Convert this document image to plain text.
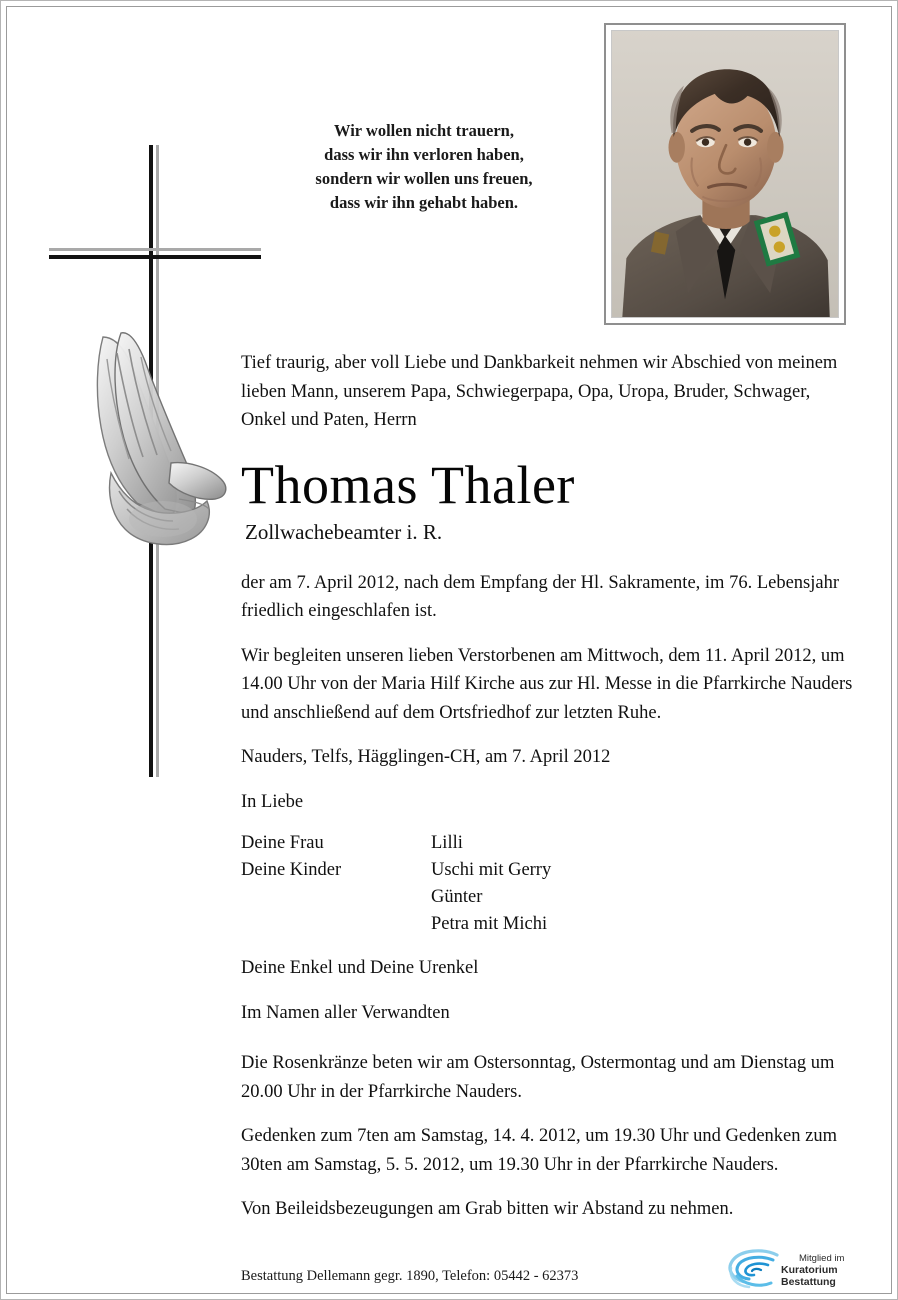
Wir wollen nicht trauern,
dass wir ihn verloren haben,
sondern wir wollen uns freuen,
dass wir ihn gehabt haben.

Tief traurig, aber voll Liebe und Dankbarkeit nehmen wir Abschied von meinem lieben Mann, unserem Papa, Schwiegerpapa, Opa, Uropa, Bruder, Schwager, Onkel und Paten, Herrn

Thomas Thaler
Zollwachebeamter i. R.

der am 7. April 2012, nach dem Empfang der Hl. Sakramente, im 76. Lebensjahr friedlich eingeschlafen ist.

Wir begleiten unseren lieben Verstorbenen am Mittwoch, dem 11. April 2012, um 14.00 Uhr von der Maria Hilf Kirche aus zur Hl. Messe in die Pfarrkirche Nauders und anschließend auf dem Ortsfriedhof zur letzten Ruhe.

Nauders, Telfs, Hägglingen-CH, am 7. April 2012

In Liebe

Deine Frau	Lilli
Deine Kinder	Uschi mit Gerry
	Günter
	Petra mit Michi

Deine Enkel und Deine Urenkel

Im Namen aller Verwandten

Die Rosenkränze beten wir am Ostersonntag, Ostermontag und am Dienstag um 20.00 Uhr in der Pfarrkirche Nauders.

Gedenken zum 7ten am Samstag, 14. 4. 2012, um 19.30 Uhr und Gedenken zum 30ten am Samstag, 5. 5. 2012, um 19.30 Uhr in der Pfarrkirche Nauders.

Von Beileidsbezeugungen am Grab bitten wir Abstand zu nehmen.

Bestattung Dellemann gegr. 1890, Telefon: 05442 - 62373
Mitglied im
Kuratorium Bestattung
